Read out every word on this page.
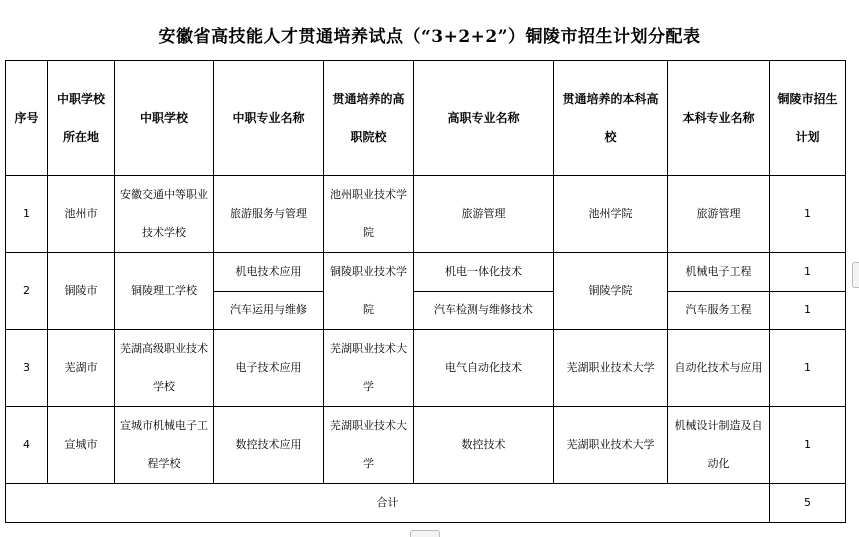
安徽省高技能人才贯通培养试点（“3+2+2”）铜陵市招生计划分配表
序号	中职学校所在地	中职学校	中职专业名称	贯通培养的高职院校	高职专业名称	贯通培养的本科高校	本科专业名称	铜陵市招生计划
1	池州市	安徽交通中等职业技术学校	旅游服务与管理	池州职业技术学院	旅游管理	池州学院	旅游管理	1
2	铜陵市	铜陵理工学校	机电技术应用	铜陵职业技术学院	机电一体化技术	铜陵学院	机械电子工程	1
			汽车运用与维修		汽车检测与维修技术		汽车服务工程	1
3	芜湖市	芜湖高级职业技术学校	电子技术应用	芜湖职业技术大学	电气自动化技术	芜湖职业技术大学	自动化技术与应用	1
4	宣城市	宣城市机械电子工程学校	数控技术应用	芜湖职业技术大学	数控技术	芜湖职业技术大学	机械设计制造及自动化	1
合计								5
